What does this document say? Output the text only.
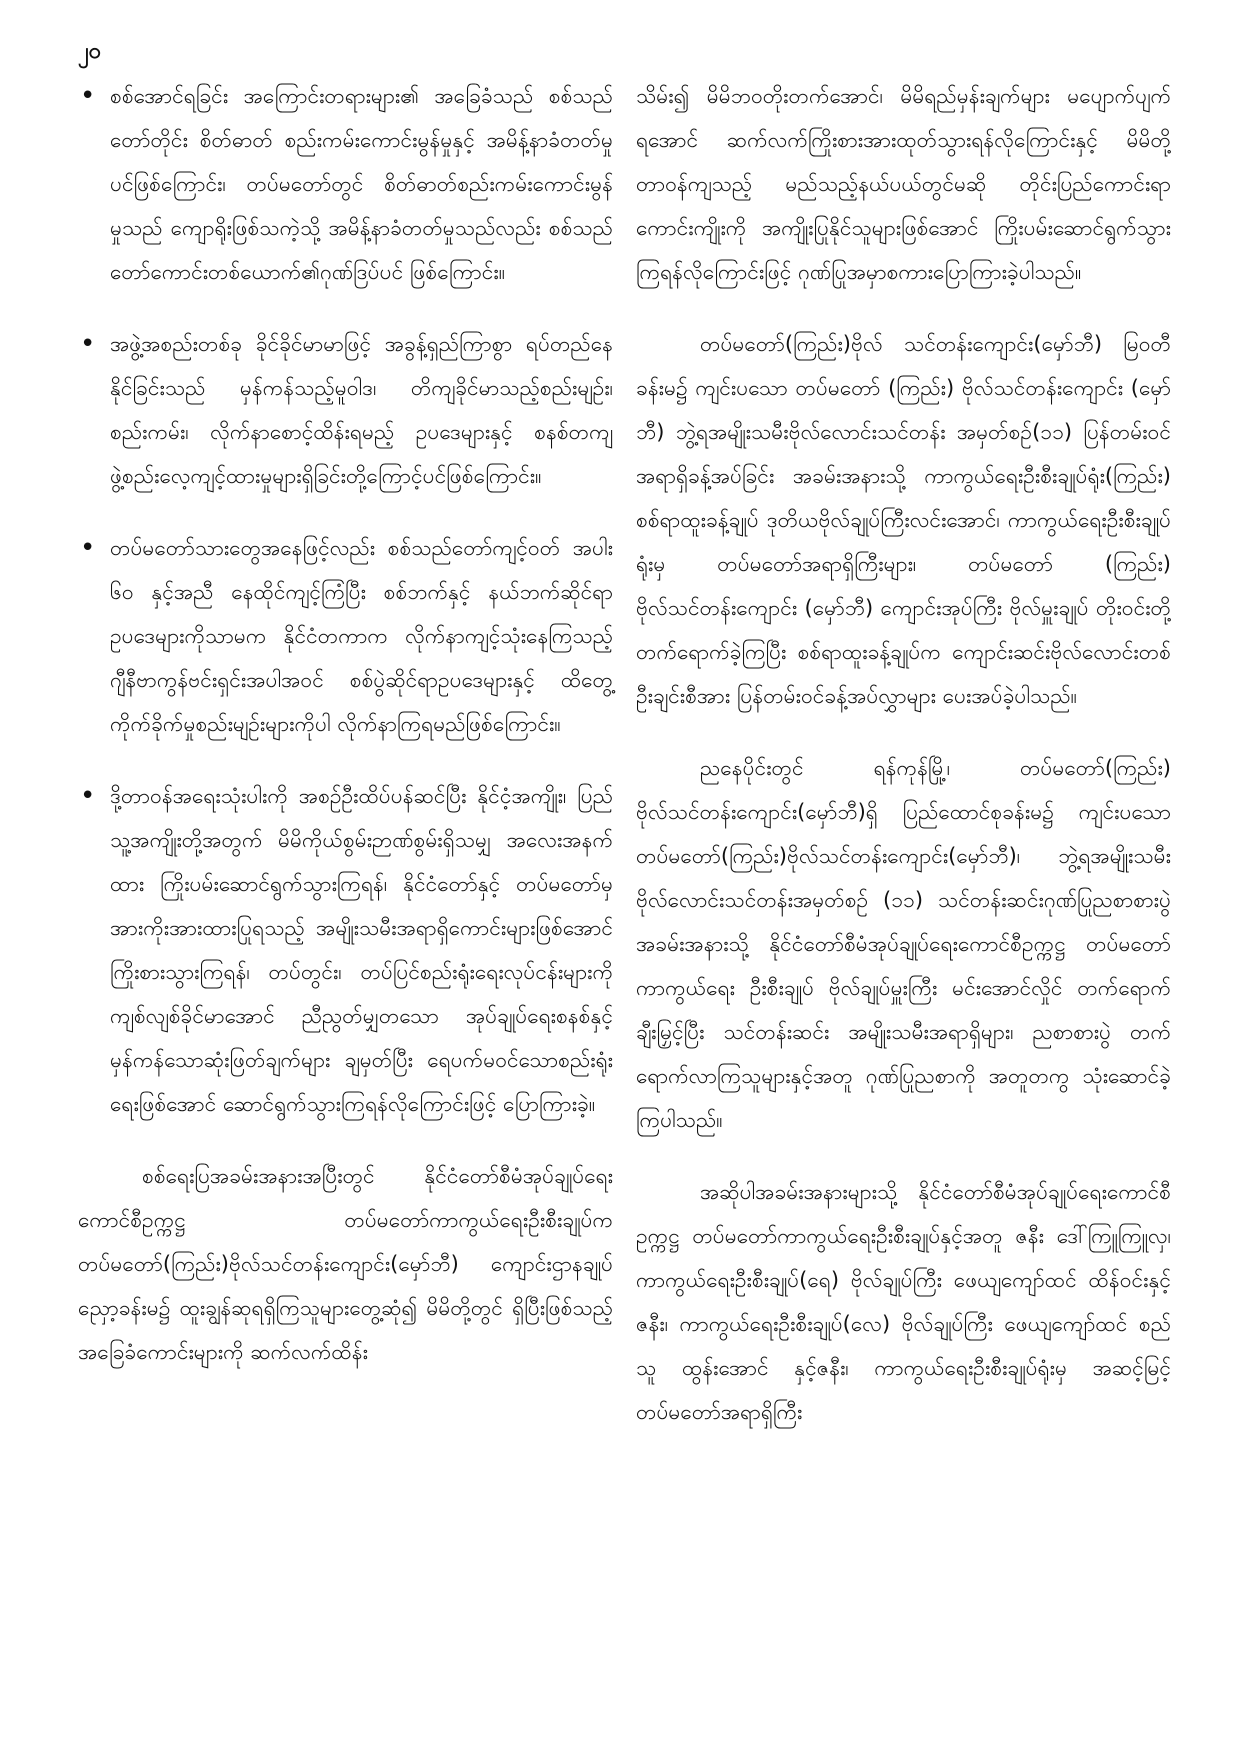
၂၀
• စစ်အောင်ရခြင်း အကြောင်းတရားများ၏ အခြေခံသည် စစ်သည်တော်တိုင်း စိတ်ဓာတ် စည်းကမ်းကောင်းမွန်မှုနှင့် အမိန့်နာခံတတ်မှုပင်ဖြစ်ကြောင်း၊ တပ်မတော်တွင် စိတ်ဓာတ်စည်းကမ်းကောင်းမွန်မှုသည် ကျောရိုးဖြစ်သကဲ့သို့ အမိန့်နာခံတတ်မှုသည်လည်း စစ်သည်တော်ကောင်းတစ်ယောက်၏ဂုဏ်ဒြပ်ပင် ဖြစ်ကြောင်း။
• အဖွဲ့အစည်းတစ်ခု ခိုင်ခိုင်မာမာဖြင့် အခွန့်ရှည်ကြာစွာ ရပ်တည်နေနိုင်ခြင်းသည် မှန်ကန်သည့်မူဝါဒ၊ တိကျခိုင်မာသည့်စည်းမျဉ်း၊ စည်းကမ်း၊ လိုက်နာစောင့်ထိန်းရမည့် ဥပဒေများနှင့် စနစ်တကျ ဖွဲ့စည်းလေ့ကျင့်ထားမှုများရှိခြင်းတို့ကြောင့်ပင်ဖြစ်ကြောင်း။
• တပ်မတော်သားတွေအနေဖြင့်လည်း စစ်သည်တော်ကျင့်ဝတ် အပါး ၆၀ နှင့်အညီ နေထိုင်ကျင့်ကြံပြီး စစ်ဘက်နှင့် နယ်ဘက်ဆိုင်ရာဥပဒေများကိုသာမက နိုင်ငံတကာက လိုက်နာကျင့်သုံးနေကြသည့် ဂျီနီဗာကွန်ဗင်းရှင်းအပါအဝင် စစ်ပွဲဆိုင်ရာဥပဒေများနှင့် ထိတွေ့ကိုက်ခိုက်မှုစည်းမျဉ်းများကိုပါ လိုက်နာကြရမည်ဖြစ်ကြောင်း။
• ဒို့တာဝန်အရေးသုံးပါးကို အစဉ်ဦးထိပ်ပန်ဆင်ပြီး နိုင်ငံ့အကျိုး၊ ပြည်သူ့အကျိုးတို့အတွက် မိမိကိုယ်စွမ်းဉာဏ်စွမ်းရှိသမျှ အလေးအနက်ထား ကြိုးပမ်းဆောင်ရွက်သွားကြရန်၊ နိုင်ငံတော်နှင့် တပ်မတော်မှ အားကိုးအားထားပြုရသည့် အမျိုးသမီးအရာရှိကောင်းများဖြစ်အောင် ကြိုးစားသွားကြရန်၊ တပ်တွင်း၊ တပ်ပြင်စည်းရုံးရေးလုပ်ငန်းများကို ကျစ်လျစ်ခိုင်မာအောင် ညီညွတ်မျှတသော အုပ်ချုပ်ရေးစနစ်နှင့် မှန်ကန်သောဆုံးဖြတ်ချက်များ ချမှတ်ပြီး ရေပက်မဝင်သောစည်းရုံးရေးဖြစ်အောင် ဆောင်ရွက်သွားကြရန်လိုကြောင်းဖြင့် ပြောကြားခဲ့။

စစ်ရေးပြအခမ်းအနားအပြီးတွင် နိုင်ငံတော်စီမံအုပ်ချုပ်ရေးကောင်စီဥက္ကဋ္ဌ တပ်မတော်ကာကွယ်ရေးဦးစီးချုပ်က တပ်မတော်(ကြည်း)ဗိုလ်သင်တန်းကျောင်း(မှော်ဘီ) ကျောင်းဌာနချုပ် ညှော့ခန်းမ၌ ထူးချွန်ဆုရရှိကြသူများတွေ့ဆုံ၍ မိမိတို့တွင် ရှိပြီးဖြစ်သည့် အခြေခံကောင်းများကို ဆက်လက်ထိန်း

သိမ်း၍ မိမိဘဝတိုးတက်အောင်၊ မိမိရည်မှန်းချက်များ မပျောက်ပျက်ရအောင် ဆက်လက်ကြိုးစားအားထုတ်သွားရန်လိုကြောင်းနှင့် မိမိတို့တာဝန်ကျသည့် မည်သည့်နယ်ပယ်တွင်မဆို တိုင်းပြည်ကောင်းရာကောင်းကျိုးကို အကျိုးပြုနိုင်သူများဖြစ်အောင် ကြိုးပမ်းဆောင်ရွက်သွားကြရန်လိုကြောင်းဖြင့် ဂုဏ်ပြုအမှာစကားပြောကြားခဲ့ပါသည်။

တပ်မတော်(ကြည်း)ဗိုလ် သင်တန်းကျောင်း(မှော်ဘီ) မြဝတီခန်းမ၌ ကျင်းပသော တပ်မတော် (ကြည်း) ဗိုလ်သင်တန်းကျောင်း (မှော်ဘီ) ဘွဲ့ရအမျိုးသမီးဗိုလ်လောင်းသင်တန်း အမှတ်စဉ်(၁၁) ပြန်တမ်းဝင်အရာရှိခန့်အပ်ခြင်း အခမ်းအနားသို့ ကာကွယ်ရေးဦးစီးချုပ်ရုံး(ကြည်း) စစ်ရာထူးခန့်ချုပ် ဒုတိယဗိုလ်ချုပ်ကြီးလင်းအောင်၊ ကာကွယ်ရေးဦးစီးချုပ်ရုံးမှ တပ်မတော်အရာရှိကြီးများ၊ တပ်မတော် (ကြည်း) ဗိုလ်သင်တန်းကျောင်း (မှော်ဘီ) ကျောင်းအုပ်ကြီး ဗိုလ်မှူးချုပ် တိုးဝင်းတို့ တက်ရောက်ခဲ့ကြပြီး စစ်ရာထူးခန့်ချုပ်က ကျောင်းဆင်းဗိုလ်လောင်းတစ်ဦးချင်းစီအား ပြန်တမ်းဝင်ခန့်အပ်လွှာများ ပေးအပ်ခဲ့ပါသည်။

ညနေပိုင်းတွင် ရန်ကုန်မြို့၊ တပ်မတော်(ကြည်း) ဗိုလ်သင်တန်းကျောင်း(မှော်ဘီ)ရှိ ပြည်ထောင်စုခန်းမ၌ ကျင်းပသော တပ်မတော်(ကြည်း)ဗိုလ်သင်တန်းကျောင်း(မှော်ဘီ)၊ ဘွဲ့ရအမျိုးသမီး ဗိုလ်လောင်းသင်တန်းအမှတ်စဉ် (၁၁) သင်တန်းဆင်းဂုဏ်ပြုညစာစားပွဲအခမ်းအနားသို့ နိုင်ငံတော်စီမံအုပ်ချုပ်ရေးကောင်စီဥက္ကဋ္ဌ တပ်မတော်ကာကွယ်ရေး ဦးစီးချုပ် ဗိုလ်ချုပ်မှူးကြီး မင်းအောင်လှိုင် တက်ရောက်ချီးမြှင့်ပြီး သင်တန်းဆင်း အမျိုးသမီးအရာရှိများ၊ ညစာစားပွဲ တက်ရောက်လာကြသူများနှင့်အတူ ဂုဏ်ပြုညစာကို အတူတကွ သုံးဆောင်ခဲ့ကြပါသည်။

အဆိုပါအခမ်းအနားများသို့ နိုင်ငံတော်စီမံအုပ်ချုပ်ရေးကောင်စီဥက္ကဋ္ဌ တပ်မတော်ကာကွယ်ရေးဦးစီးချုပ်နှင့်အတူ ဇနီး ဒေါ်ကြူကြူလှ၊ ကာကွယ်ရေးဦးစီးချုပ်(ရေ) ဗိုလ်ချုပ်ကြီး ဖေယျကျော်ထင် ထိန်ဝင်းနှင့်ဇနီး၊ ကာကွယ်ရေးဦးစီးချုပ်(လေ) ဗိုလ်ချုပ်ကြီး ဖေယျကျော်ထင် စည်သူ ထွန်းအောင် နှင့်ဇနီး၊ ကာကွယ်ရေးဦးစီးချုပ်ရုံးမှ အဆင့်မြင့်တပ်မတော်အရာရှိကြီး
